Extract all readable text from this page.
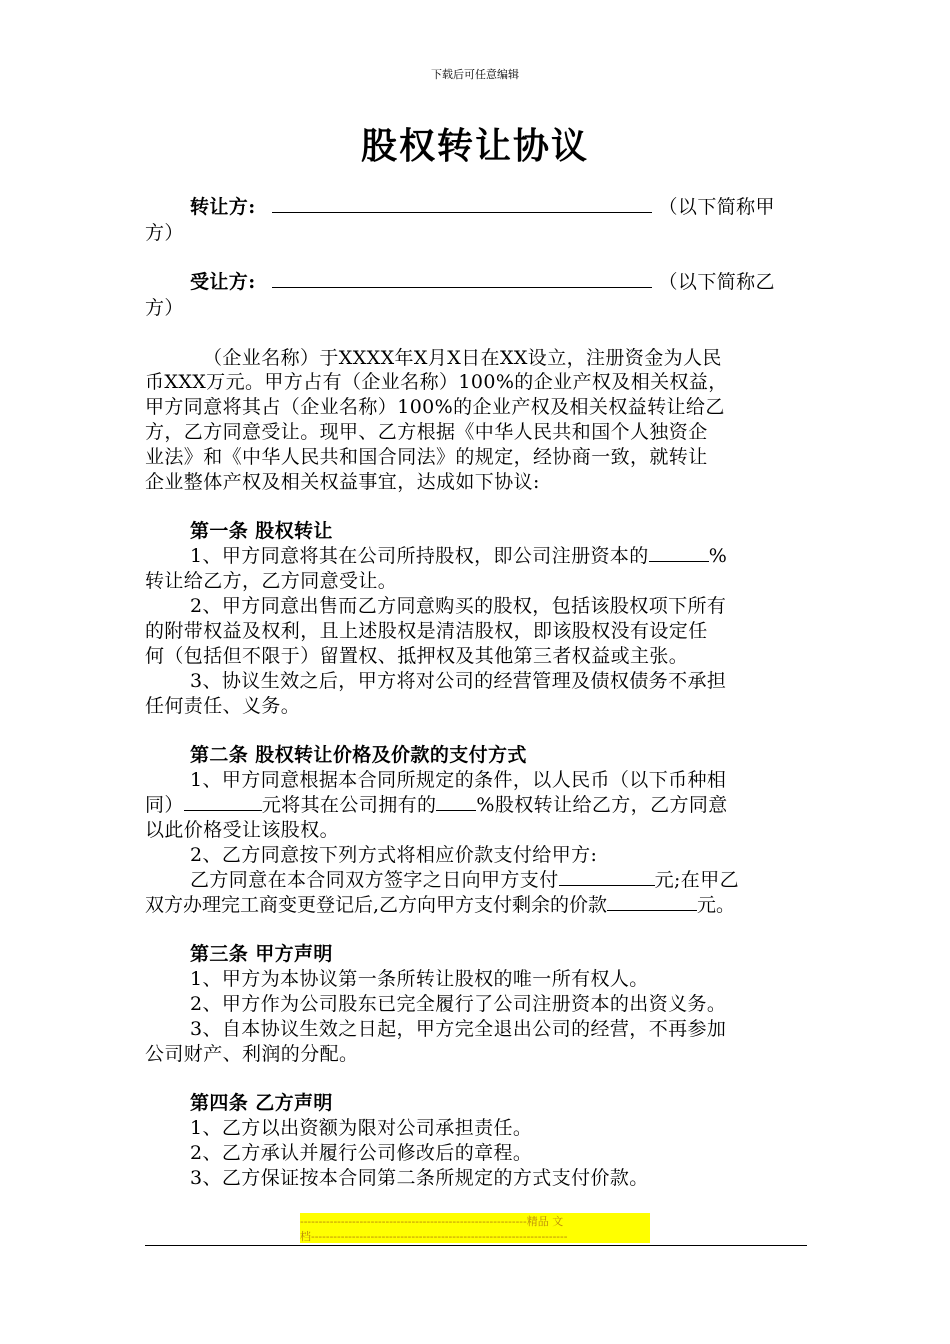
下载后可任意编辑
股权转让协议
转让方:	（以下简称甲
方）
受让方:	（以下简称乙
方）
（企业名称）于XXXX年X月X日在XX设立，注册资金为人民
币XXX万元。甲方占有（企业名称）100%的企业产权及相关权益，
甲方同意将其占（企业名称）100%的企业产权及相关权益转让给乙
方，乙方同意受让。现甲、乙方根据《中华人民共和国个人独资企
业法》和《中华人民共和国合同法》的规定，经协商一致，就转让
企业整体产权及相关权益事宜，达成如下协议:
第一条 股权转让
1、甲方同意将其在公司所持股权，即公司注册资本的	%
转让给乙方，乙方同意受让。
2、甲方同意出售而乙方同意购买的股权，包括该股权项下所有
的附带权益及权利，且上述股权是清洁股权，即该股权没有设定任
何（包括但不限于）留置权、抵押权及其他第三者权益或主张。
3、协议生效之后，甲方将对公司的经营管理及债权债务不承担
任何责任、义务。
第二条 股权转让价格及价款的支付方式
1、甲方同意根据本合同所规定的条件，以人民币（以下币种相
同）	元将其在公司拥有的 %股权转让给乙方，乙方同意
以此价格受让该股权。
2、乙方同意按下列方式将相应价款支付给甲方:
乙方同意在本合同双方签字之日向甲方支付	元;在甲乙
双方办理完工商变更登记后,乙方向甲方支付剩余的价款	元。
第三条 甲方声明
1、甲方为本协议第一条所转让股权的唯一所有权人。
2、甲方作为公司股东已完全履行了公司注册资本的出资义务。
3、自本协议生效之日起，甲方完全退出公司的经营，不再参加
公司财产、利润的分配。
第四条 乙方声明
1、乙方以出资额为限对公司承担责任。
2、乙方承认并履行公司修改后的章程。
3、乙方保证按本合同第二条所规定的方式支付价款。
-------------------------------------------------------------精品 文
档---------------------------------------------------------------------
